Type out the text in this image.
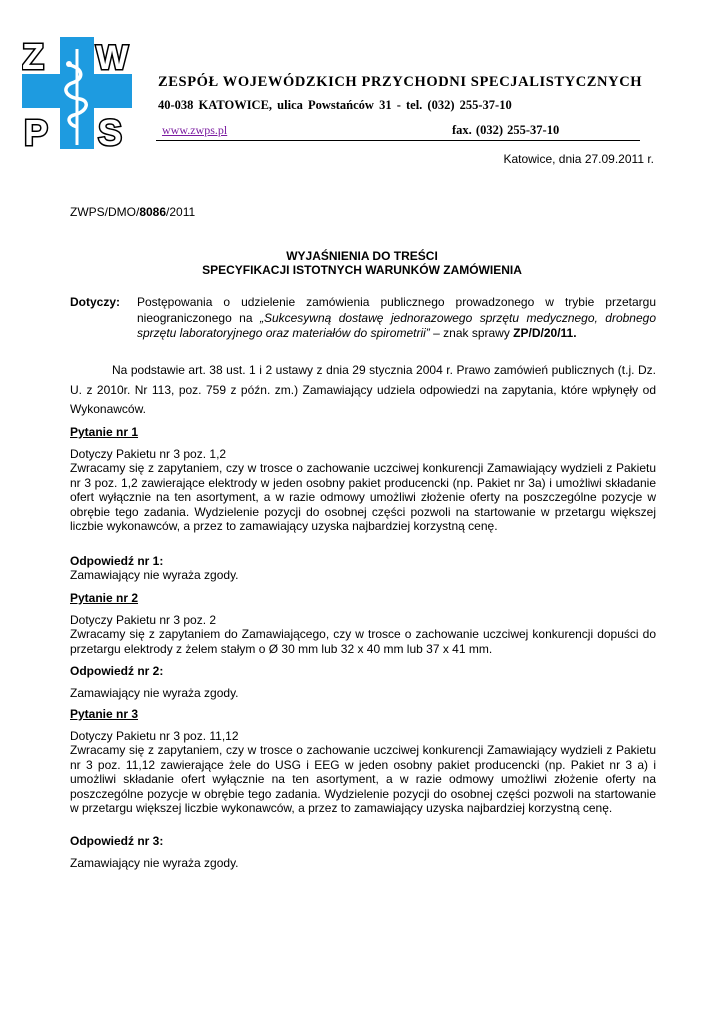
Z W
P S
ZESPÓŁ WOJEWÓDZKICH PRZYCHODNI SPECJALISTYCZNYCH
40-038 KATOWICE, ulica Powstańców 31 - tel. (032) 255-37-10
www.zwps.pl	fax. (032) 255-37-10
Katowice, dnia 27.09.2011 r.
ZWPS/DMO/8086/2011
WYJAŚNIENIA DO TREŚCI
SPECYFIKACJI ISTOTNYCH WARUNKÓW ZAMÓWIENIA
Dotyczy: Postępowania o udzielenie zamówienia publicznego prowadzonego w trybie przetargu nieograniczonego na „Sukcesywną dostawę jednorazowego sprzętu medycznego, drobnego sprzętu laboratoryjnego oraz materiałów do spirometrii” – znak sprawy ZP/D/20/11.
Na podstawie art. 38 ust. 1 i 2 ustawy z dnia 29 stycznia 2004 r. Prawo zamówień publicznych (t.j. Dz. U. z 2010r. Nr 113, poz. 759 z późn. zm.) Zamawiający udziela odpowiedzi na zapytania, które wpłynęły od Wykonawców.
Pytanie nr 1
Dotyczy Pakietu nr 3 poz. 1,2
Zwracamy się z zapytaniem, czy w trosce o zachowanie uczciwej konkurencji Zamawiający wydzieli z Pakietu nr 3 poz. 1,2 zawierające elektrody w jeden osobny pakiet producencki (np. Pakiet nr 3a) i umożliwi składanie ofert wyłącznie na ten asortyment, a w razie odmowy umożliwi złożenie oferty na poszczególne pozycje w obrębie tego zadania. Wydzielenie pozycji do osobnej części pozwoli na startowanie w przetargu większej liczbie wykonawców, a przez to zamawiający uzyska najbardziej korzystną cenę.
Odpowiedź nr 1:
Zamawiający nie wyraża zgody.
Pytanie nr 2
Dotyczy Pakietu nr 3 poz. 2
Zwracamy się z zapytaniem do Zamawiającego, czy w trosce o zachowanie uczciwej konkurencji dopuści do przetargu elektrody z żelem stałym o Ø 30 mm lub 32 x 40 mm lub 37 x 41 mm.
Odpowiedź nr 2:
Zamawiający nie wyraża zgody.
Pytanie nr 3
Dotyczy Pakietu nr 3 poz. 11,12
Zwracamy się z zapytaniem, czy w trosce o zachowanie uczciwej konkurencji Zamawiający wydzieli z Pakietu nr 3 poz. 11,12 zawierające żele do USG i EEG w jeden osobny pakiet producencki (np. Pakiet nr 3 a) i umożliwi składanie ofert wyłącznie na ten asortyment, a w razie odmowy umożliwi złożenie oferty na poszczególne pozycje w obrębie tego zadania. Wydzielenie pozycji do osobnej części pozwoli na startowanie w przetargu większej liczbie wykonawców, a przez to zamawiający uzyska najbardziej korzystną cenę.
Odpowiedź nr 3:
Zamawiający nie wyraża zgody.
